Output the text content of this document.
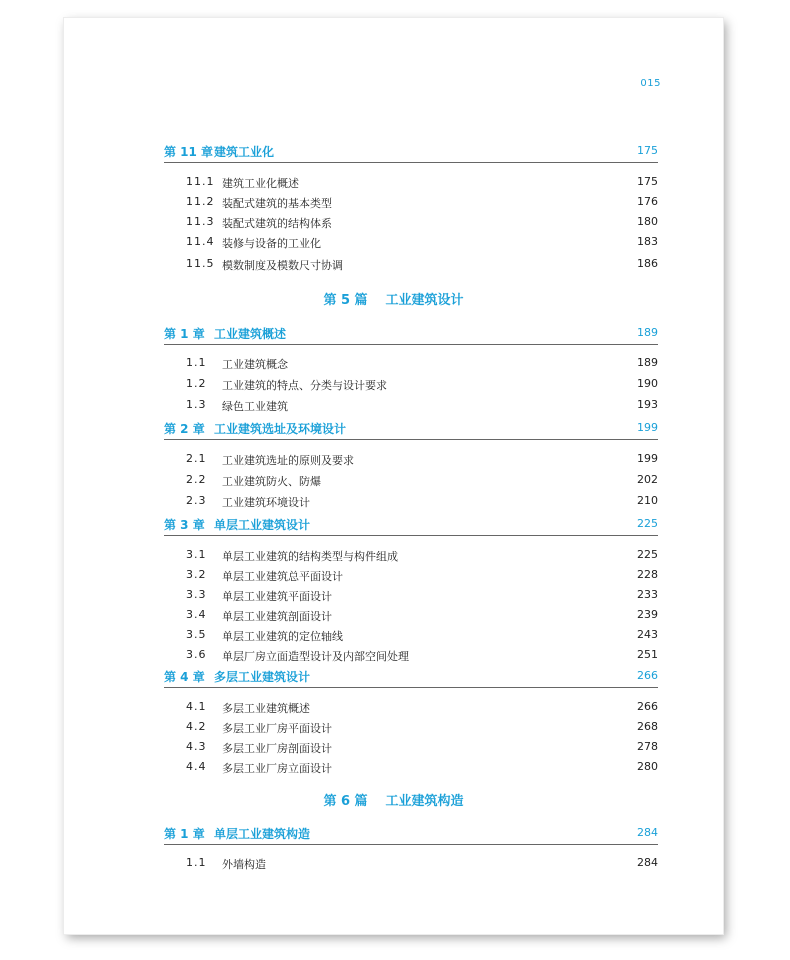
015
第 11 章 建筑工业化	175
11.1 建筑工业化概述	175
11.2 装配式建筑的基本类型	176
11.3 装配式建筑的结构体系	180
11.4 装修与设备的工业化	183
11.5 模数制度及模数尺寸协调	186
第 5 篇 工业建筑设计
第 1 章 工业建筑概述	189
1.1 工业建筑概念	189
1.2 工业建筑的特点、分类与设计要求	190
1.3 绿色工业建筑	193
第 2 章 工业建筑选址及环境设计	199
2.1 工业建筑选址的原则及要求	199
2.2 工业建筑防火、防爆	202
2.3 工业建筑环境设计	210
第 3 章 单层工业建筑设计	225
3.1 单层工业建筑的结构类型与构件组成	225
3.2 单层工业建筑总平面设计	228
3.3 单层工业建筑平面设计	233
3.4 单层工业建筑剖面设计	239
3.5 单层工业建筑的定位轴线	243
3.6 单层厂房立面造型设计及内部空间处理	251
第 4 章 多层工业建筑设计	266
4.1 多层工业建筑概述	266
4.2 多层工业厂房平面设计	268
4.3 多层工业厂房剖面设计	278
4.4 多层工业厂房立面设计	280
第 6 篇 工业建筑构造
第 1 章 单层工业建筑构造	284
1.1 外墙构造	284
